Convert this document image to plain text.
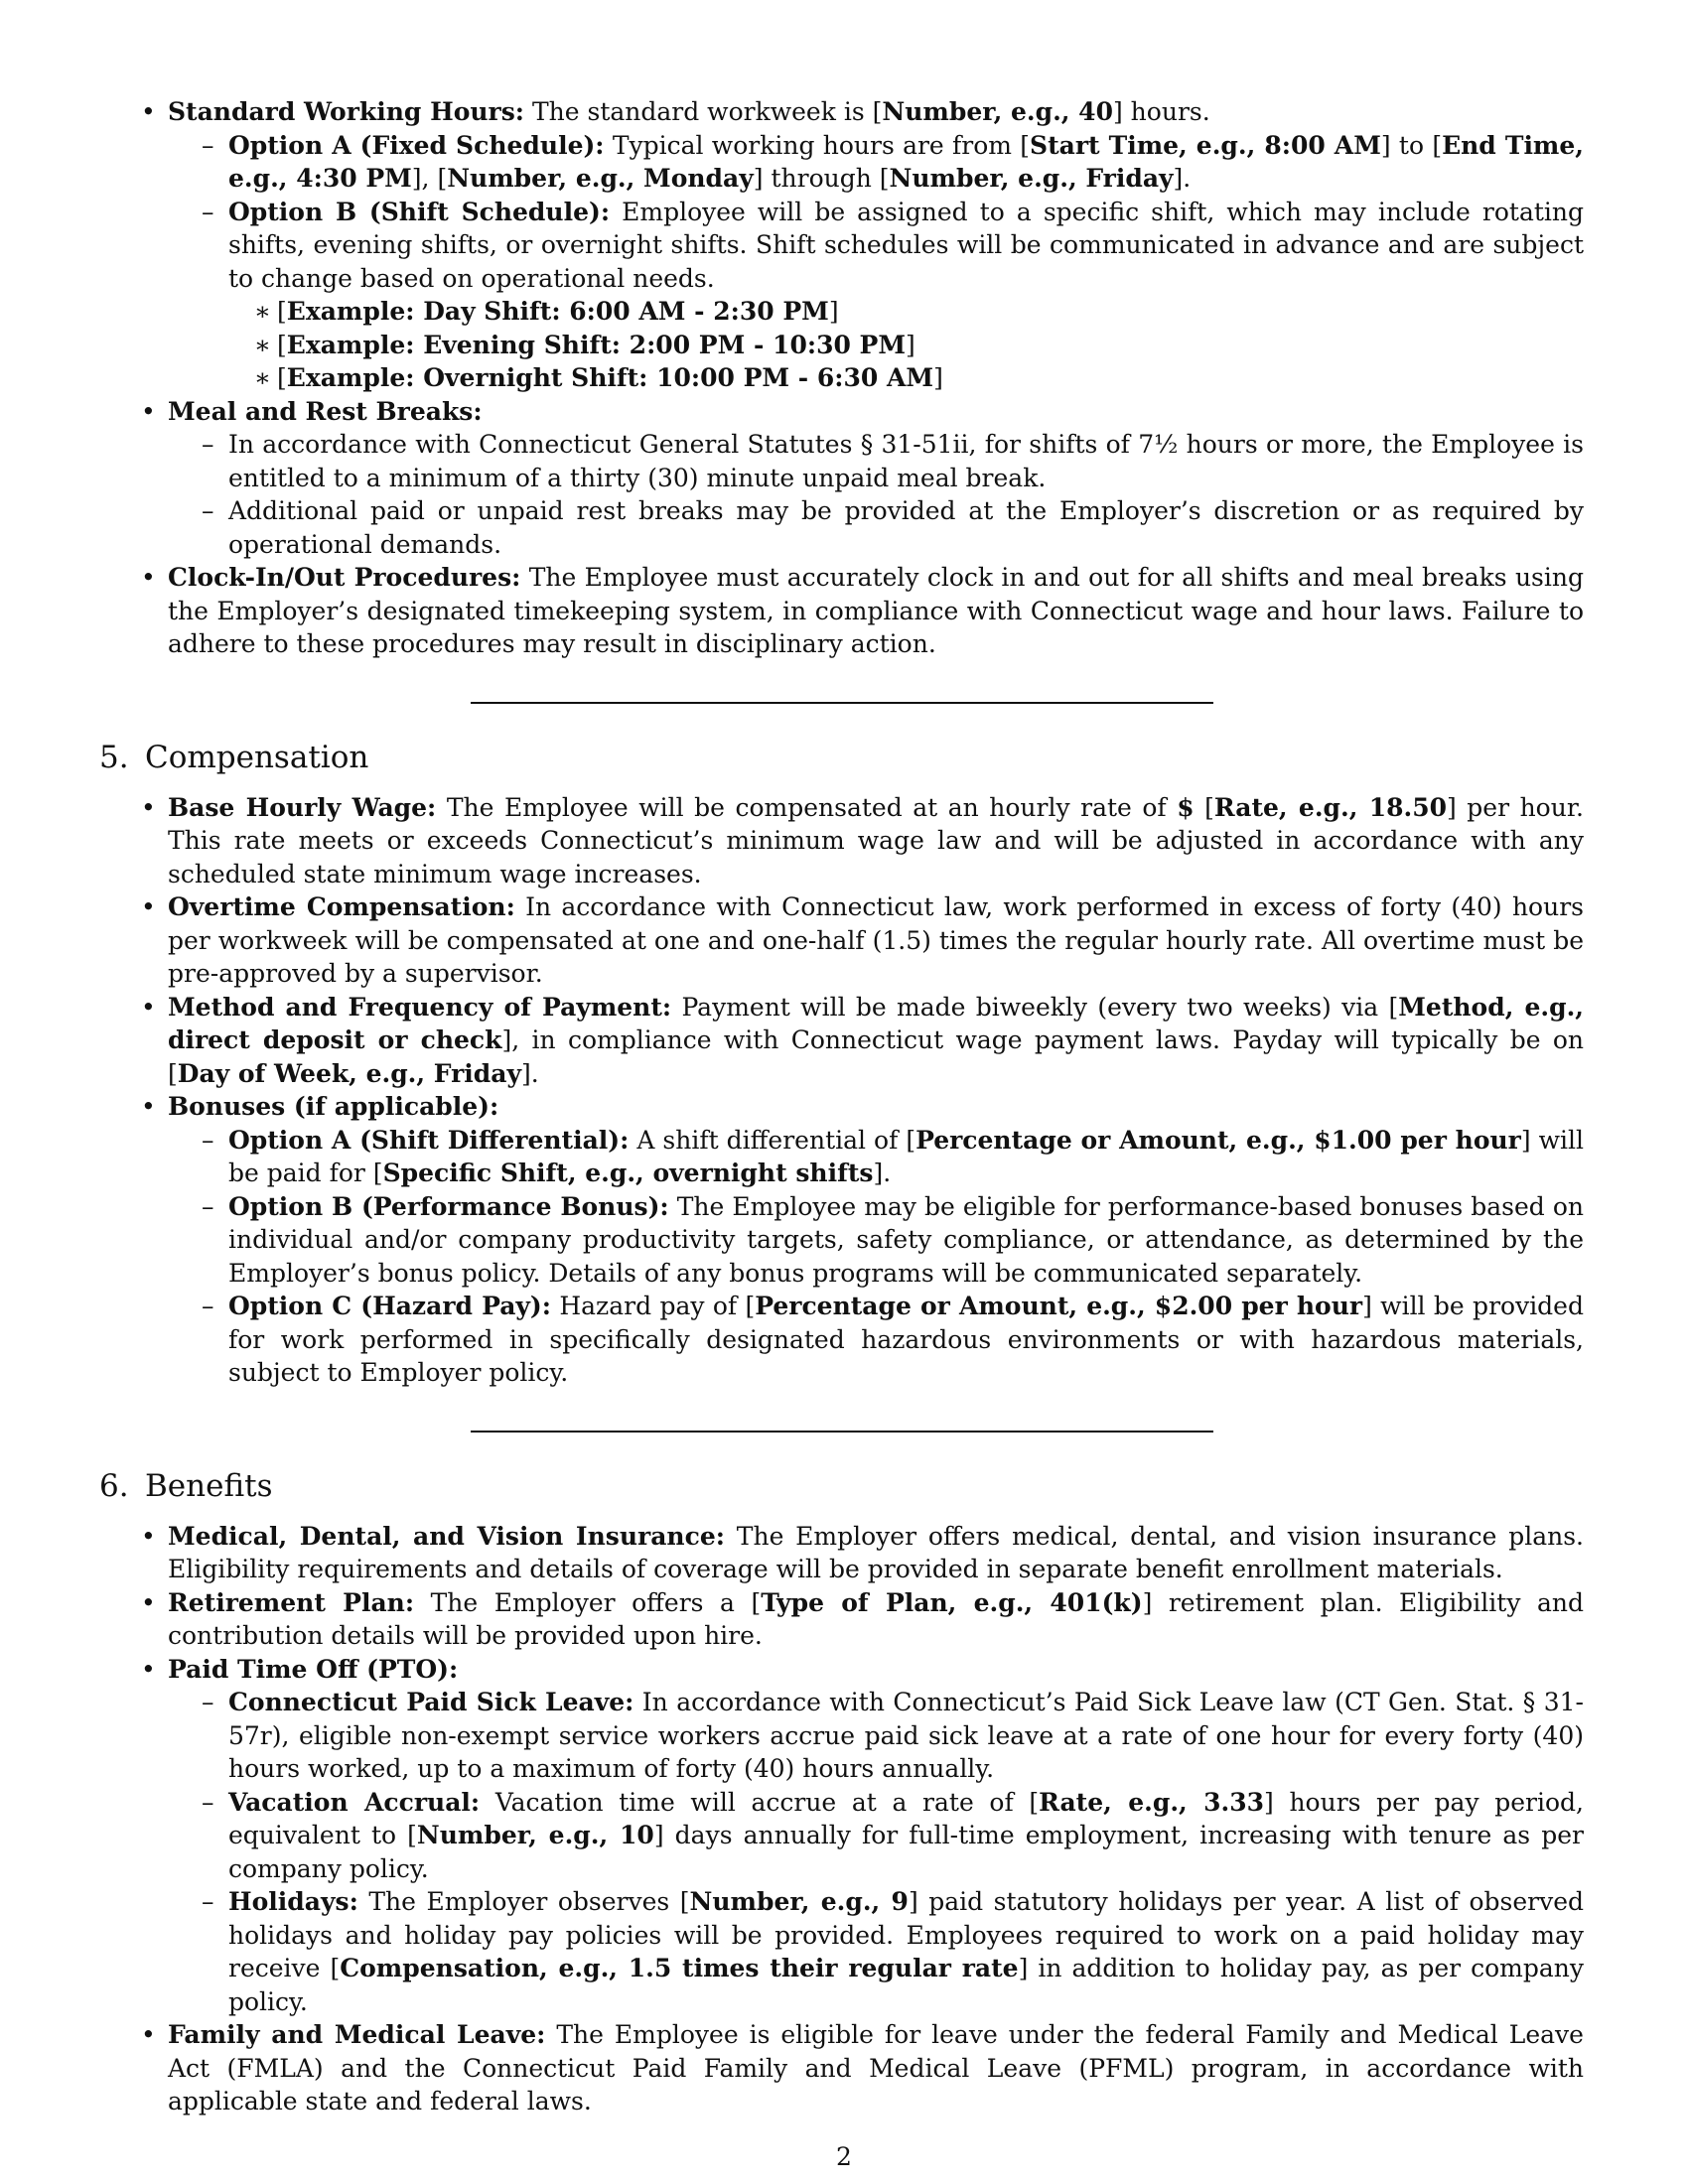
• Standard Working Hours: The standard workweek is [Number, e.g., 40] hours.
– Option A (Fixed Schedule): Typical working hours are from [Start Time, e.g., 8:00 AM] to [End Time, e.g., 4:30 PM], [Number, e.g., Monday] through [Number, e.g., Friday].
– Option B (Shift Schedule): Employee will be assigned to a specific shift, which may include rotating shifts, evening shifts, or overnight shifts. Shift schedules will be communicated in advance and are subject to change based on operational needs.
∗ [Example: Day Shift: 6:00 AM - 2:30 PM]
∗ [Example: Evening Shift: 2:00 PM - 10:30 PM]
∗ [Example: Overnight Shift: 10:00 PM - 6:30 AM]
• Meal and Rest Breaks:
– In accordance with Connecticut General Statutes § 31-51ii, for shifts of 7½ hours or more, the Employee is entitled to a minimum of a thirty (30) minute unpaid meal break.
– Additional paid or unpaid rest breaks may be provided at the Employer’s discretion or as required by operational demands.
• Clock-In/Out Procedures: The Employee must accurately clock in and out for all shifts and meal breaks using the Employer’s designated timekeeping system, in compliance with Connecticut wage and hour laws. Failure to adhere to these procedures may result in disciplinary action.
5. Compensation
• Base Hourly Wage: The Employee will be compensated at an hourly rate of $ [Rate, e.g., 18.50] per hour. This rate meets or exceeds Connecticut’s minimum wage law and will be adjusted in accordance with any scheduled state minimum wage increases.
• Overtime Compensation: In accordance with Connecticut law, work performed in excess of forty (40) hours per workweek will be compensated at one and one-half (1.5) times the regular hourly rate. All overtime must be pre-approved by a supervisor.
• Method and Frequency of Payment: Payment will be made biweekly (every two weeks) via [Method, e.g., direct deposit or check], in compliance with Connecticut wage payment laws. Payday will typically be on [Day of Week, e.g., Friday].
• Bonuses (if applicable):
– Option A (Shift Differential): A shift differential of [Percentage or Amount, e.g., $1.00 per hour] will be paid for [Specific Shift, e.g., overnight shifts].
– Option B (Performance Bonus): The Employee may be eligible for performance-based bonuses based on individual and/or company productivity targets, safety compliance, or attendance, as determined by the Employer’s bonus policy. Details of any bonus programs will be communicated separately.
– Option C (Hazard Pay): Hazard pay of [Percentage or Amount, e.g., $2.00 per hour] will be provided for work performed in specifically designated hazardous environments or with hazardous materials, subject to Employer policy.
6. Benefits
• Medical, Dental, and Vision Insurance: The Employer offers medical, dental, and vision insurance plans. Eligibility requirements and details of coverage will be provided in separate benefit enrollment materials.
• Retirement Plan: The Employer offers a [Type of Plan, e.g., 401(k)] retirement plan. Eligibility and contribution details will be provided upon hire.
• Paid Time Off (PTO):
– Connecticut Paid Sick Leave: In accordance with Connecticut’s Paid Sick Leave law (CT Gen. Stat. § 31-57r), eligible non-exempt service workers accrue paid sick leave at a rate of one hour for every forty (40) hours worked, up to a maximum of forty (40) hours annually.
– Vacation Accrual: Vacation time will accrue at a rate of [Rate, e.g., 3.33] hours per pay period, equivalent to [Number, e.g., 10] days annually for full-time employment, increasing with tenure as per company policy.
– Holidays: The Employer observes [Number, e.g., 9] paid statutory holidays per year. A list of observed holidays and holiday pay policies will be provided. Employees required to work on a paid holiday may receive [Compensation, e.g., 1.5 times their regular rate] in addition to holiday pay, as per company policy.
• Family and Medical Leave: The Employee is eligible for leave under the federal Family and Medical Leave Act (FMLA) and the Connecticut Paid Family and Medical Leave (PFML) program, in accordance with applicable state and federal laws.
2
